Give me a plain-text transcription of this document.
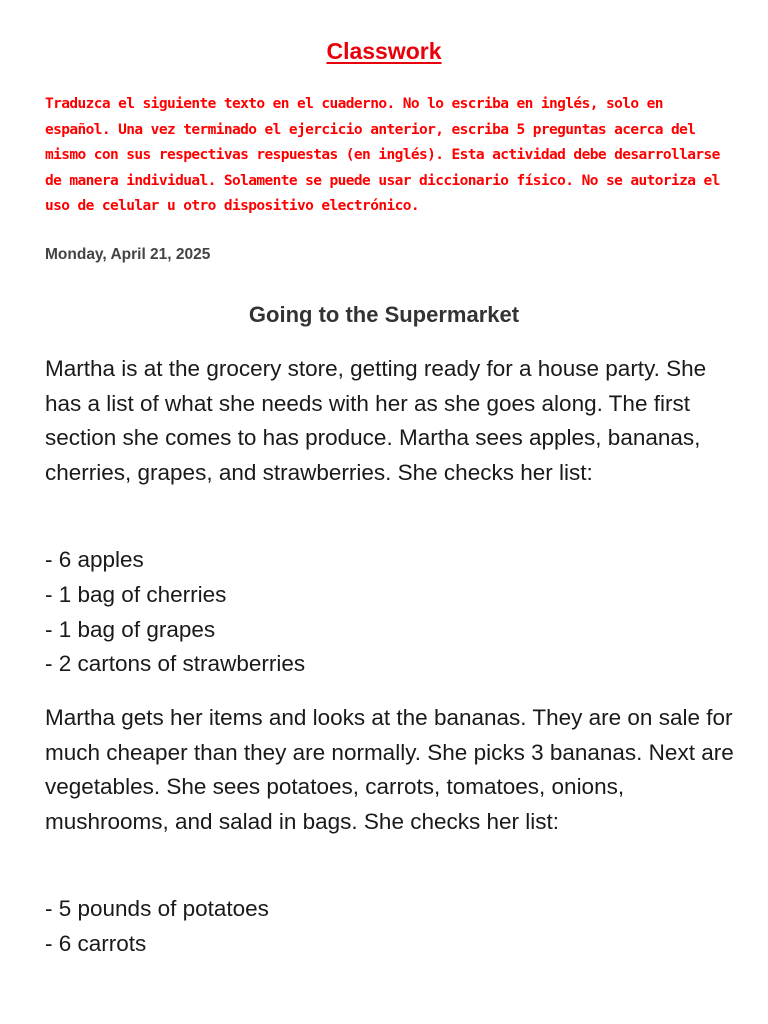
Classwork

Traduzca el siguiente texto en el cuaderno. No lo escriba en inglés, solo en español. Una vez terminado el ejercicio anterior, escriba 5 preguntas acerca del mismo con sus respectivas respuestas (en inglés). Esta actividad debe desarrollarse de manera individual. Solamente se puede usar diccionario físico. No se autoriza el uso de celular u otro dispositivo electrónico.

Monday, April 21, 2025

Going to the Supermarket

Martha is at the grocery store, getting ready for a house party. She has a list of what she needs with her as she goes along. The first section she comes to has produce. Martha sees apples, bananas, cherries, grapes, and strawberries. She checks her list:

- 6 apples
- 1 bag of cherries
- 1 bag of grapes
- 2 cartons of strawberries

Martha gets her items and looks at the bananas. They are on sale for much cheaper than they are normally. She picks 3 bananas. Next are vegetables. She sees potatoes, carrots, tomatoes, onions, mushrooms, and salad in bags. She checks her list:

- 5 pounds of potatoes
- 6 carrots
